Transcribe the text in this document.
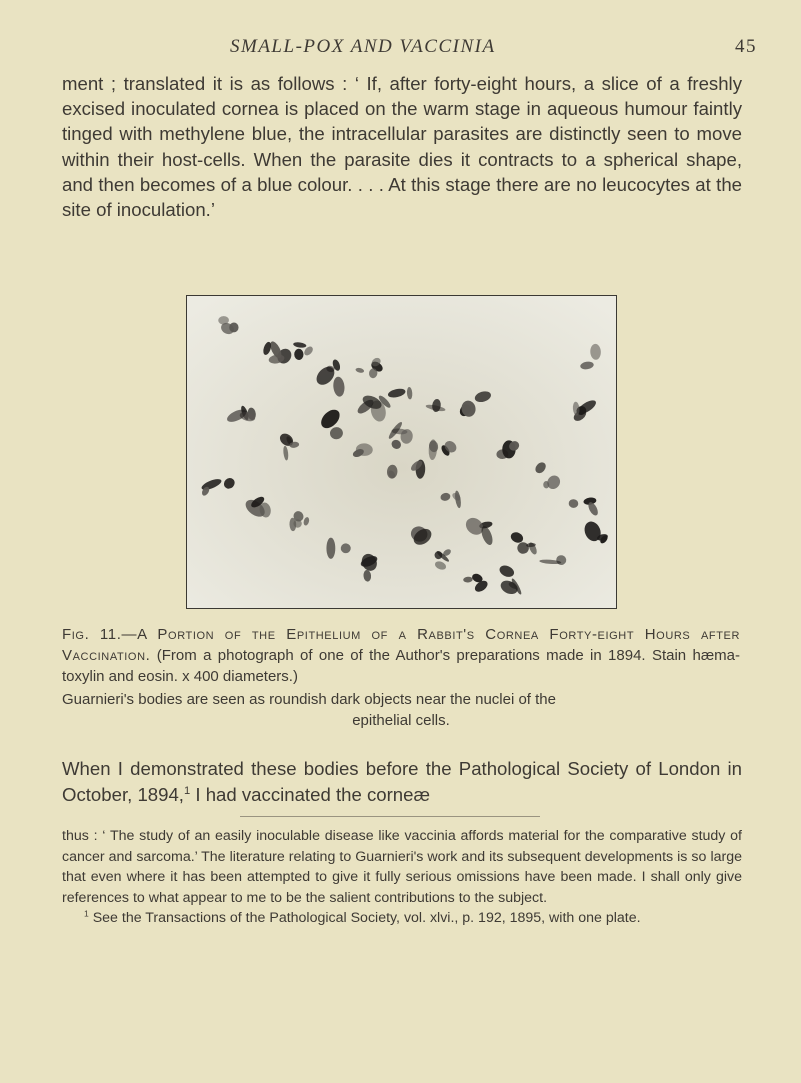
SMALL-POX AND VACCINIA	45

ment ; translated it is as follows : ‘ If, after forty-eight hours, a slice of a freshly excised inoculated cornea is placed on the warm stage in aqueous humour faintly tinged with methylene blue, the intracellular parasites are distinctly seen to move within their host-cells. When the parasite dies it contracts to a spherical shape, and then becomes of a blue colour. . . . At this stage there are no leucocytes at the site of inoculation.’

Fig. 11.—A Portion of the Epithelium of a Rabbit's Cornea Forty-eight Hours after Vaccination. (From a photograph of one of the Author's preparations made in 1894. Stain hæma-toxylin and eosin. x 400 diameters.)

Guarnieri's bodies are seen as roundish dark objects near the nuclei of the
epithelial cells.

When I demonstrated these bodies before the Pathological Society of London in October, 1894,$^1$ I had vaccinated the corneæ

thus : ‘ The study of an easily inoculable disease like vaccinia affords material for the comparative study of cancer and sarcoma.’ The literature relating to Guarnieri's work and its subsequent developments is so large that even where it has been attempted to give it fully serious omissions have been made. I shall only give references to what appear to me to be the salient contributions to the subject.

$^1$ See the Transactions of the Pathological Society, vol. xlvi., p. 192, 1895, with one plate.
